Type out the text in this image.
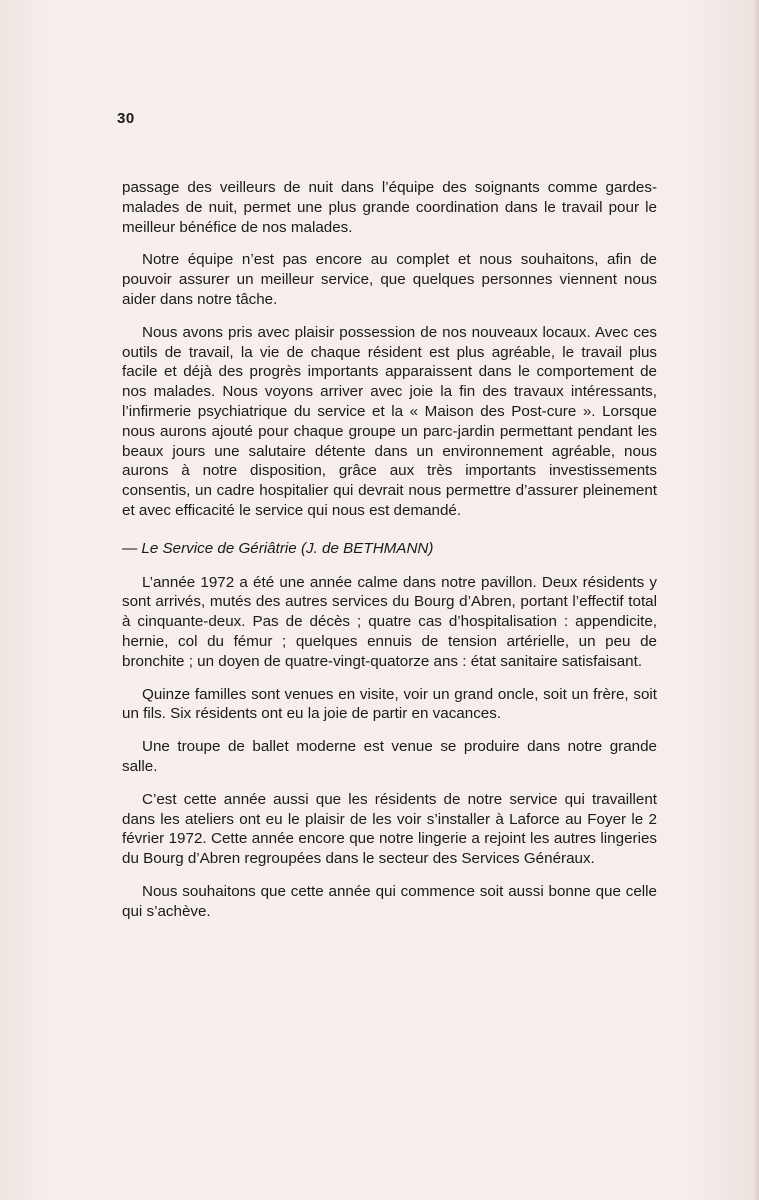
30

passage des veilleurs de nuit dans l’équipe des soignants comme gardes-malades de nuit, permet une plus grande coordination dans le travail pour le meilleur bénéfice de nos malades.

Notre équipe n’est pas encore au complet et nous souhaitons, afin de pouvoir assurer un meilleur service, que quelques personnes viennent nous aider dans notre tâche.

Nous avons pris avec plaisir possession de nos nouveaux locaux. Avec ces outils de travail, la vie de chaque résident est plus agréable, le travail plus facile et déjà des progrès importants apparaissent dans le comportement de nos malades. Nous voyons arriver avec joie la fin des travaux intéressants, l’infirmerie psychiatrique du service et la « Maison des Post-cure ». Lorsque nous aurons ajouté pour chaque groupe un parc-jardin permettant pendant les beaux jours une salutaire détente dans un environnement agréable, nous aurons à notre disposition, grâce aux très importants investissements consentis, un cadre hospitalier qui devrait nous permettre d’assurer pleinement et avec efficacité le service qui nous est demandé.

— Le Service de Gériâtrie (J. de BETHMANN)

L’année 1972 a été une année calme dans notre pavillon. Deux résidents y sont arrivés, mutés des autres services du Bourg d’Abren, portant l’effectif total à cinquante-deux. Pas de décès ; quatre cas d’hospitalisation : appendicite, hernie, col du fémur ; quelques ennuis de tension artérielle, un peu de bronchite ; un doyen de quatre-vingt-quatorze ans : état sanitaire satisfaisant.

Quinze familles sont venues en visite, voir un grand oncle, soit un frère, soit un fils. Six résidents ont eu la joie de partir en vacances.

Une troupe de ballet moderne est venue se produire dans notre grande salle.

C’est cette année aussi que les résidents de notre service qui travaillent dans les ateliers ont eu le plaisir de les voir s’installer à Laforce au Foyer le 2 février 1972. Cette année encore que notre lingerie a rejoint les autres lingeries du Bourg d’Abren regroupées dans le secteur des Services Généraux.

Nous souhaitons que cette année qui commence soit aussi bonne que celle qui s’achève.
